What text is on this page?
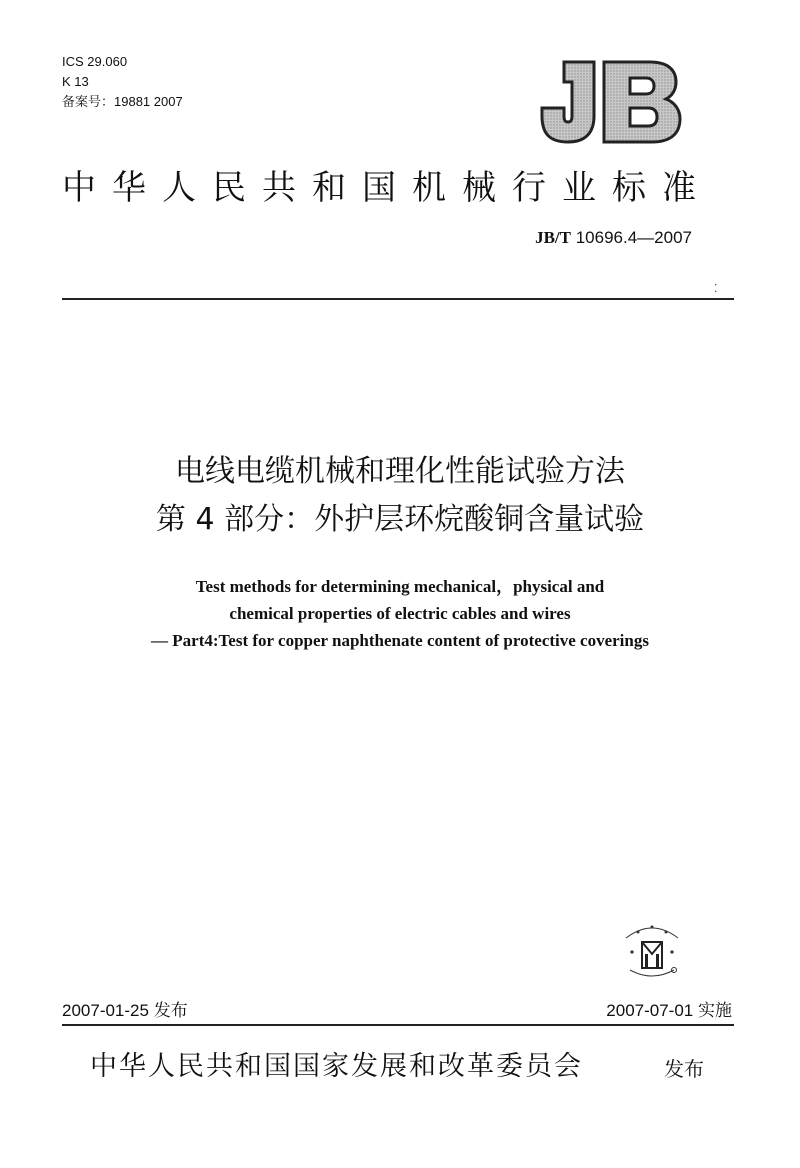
ICS 29.060
K 13
备案号：19881 2007
JB
中华人民共和国机械行业标准
JB/T 10696.4—2007
⁚
电线电缆机械和理化性能试验方法
第 4 部分：外护层环烷酸铜含量试验
Test methods for determining mechanical，physical and
chemical properties of electric cables and wires
— Part4:Test for copper naphthenate content of protective coverings
2007-01-25 发布	2007-07-01 实施
中华人民共和国国家发展和改革委员会	发布
